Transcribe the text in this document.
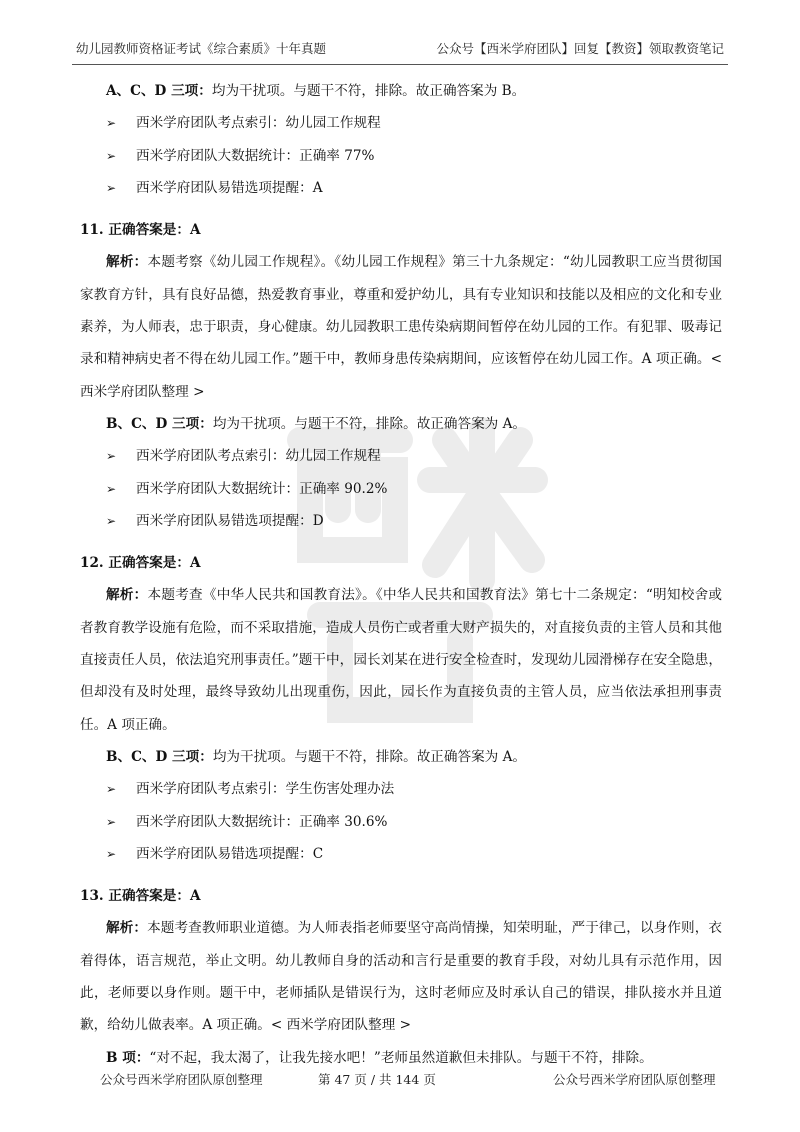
幼儿园教师资格证考试《综合素质》十年真题	公众号【西米学府团队】回复【教资】领取教资笔记

A、C、D 三项：均为干扰项。与题干不符，排除。故正确答案为 B。

➢ 西米学府团队考点索引：幼儿园工作规程

➢ 西米学府团队大数据统计：正确率 77%

➢ 西米学府团队易错选项提醒：A

11. 正确答案是：A

解析：本题考察《幼儿园工作规程》。《幼儿园工作规程》第三十九条规定：“幼儿园教职工应当贯彻国家教育方针，具有良好品德，热爱教育事业，尊重和爱护幼儿，具有专业知识和技能以及相应的文化和专业素养，为人师表，忠于职责，身心健康。幼儿园教职工患传染病期间暂停在幼儿园的工作。有犯罪、吸毒记录和精神病史者不得在幼儿园工作。”题干中，教师身患传染病期间，应该暂停在幼儿园工作。A 项正确。< 西米学府团队整理 >

B、C、D 三项：均为干扰项。与题干不符，排除。故正确答案为 A。

➢ 西米学府团队考点索引：幼儿园工作规程

➢ 西米学府团队大数据统计：正确率 90.2%

➢ 西米学府团队易错选项提醒：D

12. 正确答案是：A

解析：本题考查《中华人民共和国教育法》。《中华人民共和国教育法》第七十二条规定：“明知校舍或者教育教学设施有危险，而不采取措施，造成人员伤亡或者重大财产损失的，对直接负责的主管人员和其他直接责任人员，依法追究刑事责任。”题干中，园长刘某在进行安全检查时，发现幼儿园滑梯存在安全隐患，但却没有及时处理，最终导致幼儿出现重伤，因此，园长作为直接负责的主管人员，应当依法承担刑事责任。A 项正确。

B、C、D 三项：均为干扰项。与题干不符，排除。故正确答案为 A。

➢ 西米学府团队考点索引：学生伤害处理办法

➢ 西米学府团队大数据统计：正确率 30.6%

➢ 西米学府团队易错选项提醒：C

13. 正确答案是：A

解析：本题考查教师职业道德。为人师表指老师要坚守高尚情操，知荣明耻，严于律己，以身作则，衣着得体，语言规范，举止文明。幼儿教师自身的活动和言行是重要的教育手段，对幼儿具有示范作用，因此，老师要以身作则。题干中，老师插队是错误行为，这时老师应及时承认自己的错误，排队接水并且道歉，给幼儿做表率。A 项正确。< 西米学府团队整理 >

B 项：“对不起，我太渴了，让我先接水吧！”老师虽然道歉但未排队。与题干不符，排除。

公众号西米学府团队原创整理	第 47 页 / 共 144 页	公众号西米学府团队原创整理
